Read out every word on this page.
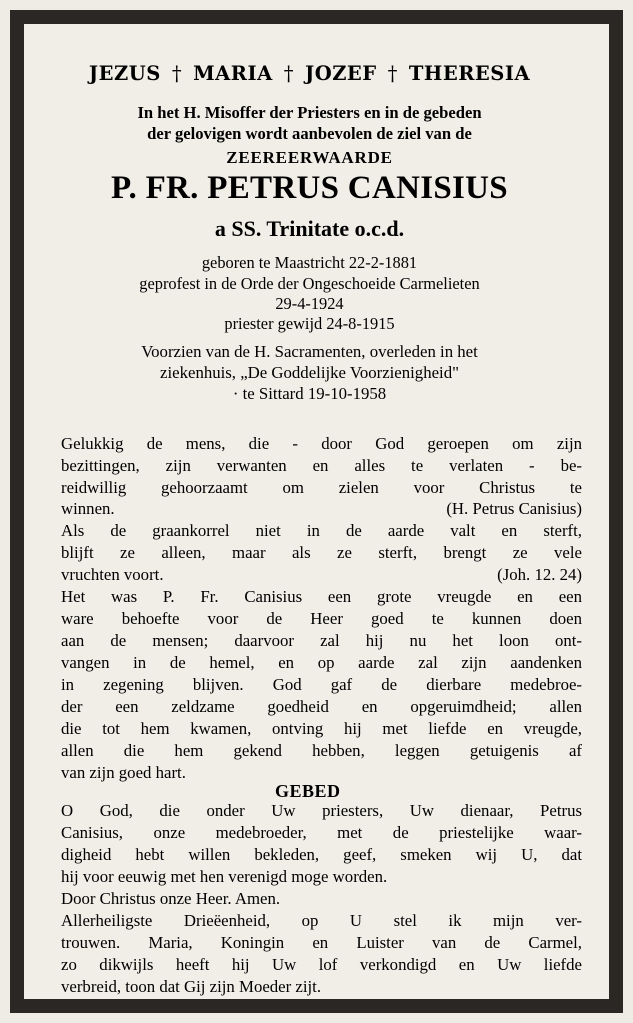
JEZUS † MARIA † JOZEF † THERESIA
In het H. Misoffer der Priesters en in de gebeden
der gelovigen wordt aanbevolen de ziel van de
ZEEREERWAARDE
P. FR. PETRUS CANISIUS
a SS. Trinitate o.c.d.
geboren te Maastricht 22-2-1881
geprofest in de Orde der Ongeschoeide Carmelieten
29-4-1924
priester gewijd 24-8-1915
Voorzien van de H. Sacramenten, overleden in het
ziekenhuis, „De Goddelijke Voorzienigheid"
· te Sittard 19-10-1958
Gelukkig de mens, die - door God geroepen om zijn
bezittingen, zijn verwanten en alles te verlaten - be-
reidwillig gehoorzaamt om zielen voor Christus te
winnen.	(H. Petrus Canisius)
Als de graankorrel niet in de aarde valt en sterft,
blijft ze alleen, maar als ze sterft, brengt ze vele
vruchten voort.	(Joh. 12. 24)
Het was P. Fr. Canisius een grote vreugde en een
ware behoefte voor de Heer goed te kunnen doen
aan de mensen; daarvoor zal hij nu het loon ont-
vangen in de hemel, en op aarde zal zijn aandenken
in zegening blijven. God gaf de dierbare medebroe-
der een zeldzame goedheid en opgeruimdheid; allen
die tot hem kwamen, ontving hij met liefde en vreugde,
allen die hem gekend hebben, leggen getuigenis af
van zijn goed hart.
GEBED
O God, die onder Uw priesters, Uw dienaar, Petrus
Canisius, onze medebroeder, met de priestelijke waar-
digheid hebt willen bekleden, geef, smeken wij U, dat
hij voor eeuwig met hen verenigd moge worden.
Door Christus onze Heer. Amen.
Allerheiligste Drieëenheid, op U stel ik mijn ver-
trouwen. Maria, Koningin en Luister van de Carmel,
zo dikwijls heeft hij Uw lof verkondigd en Uw liefde
verbreid, toon dat Gij zijn Moeder zijt.
